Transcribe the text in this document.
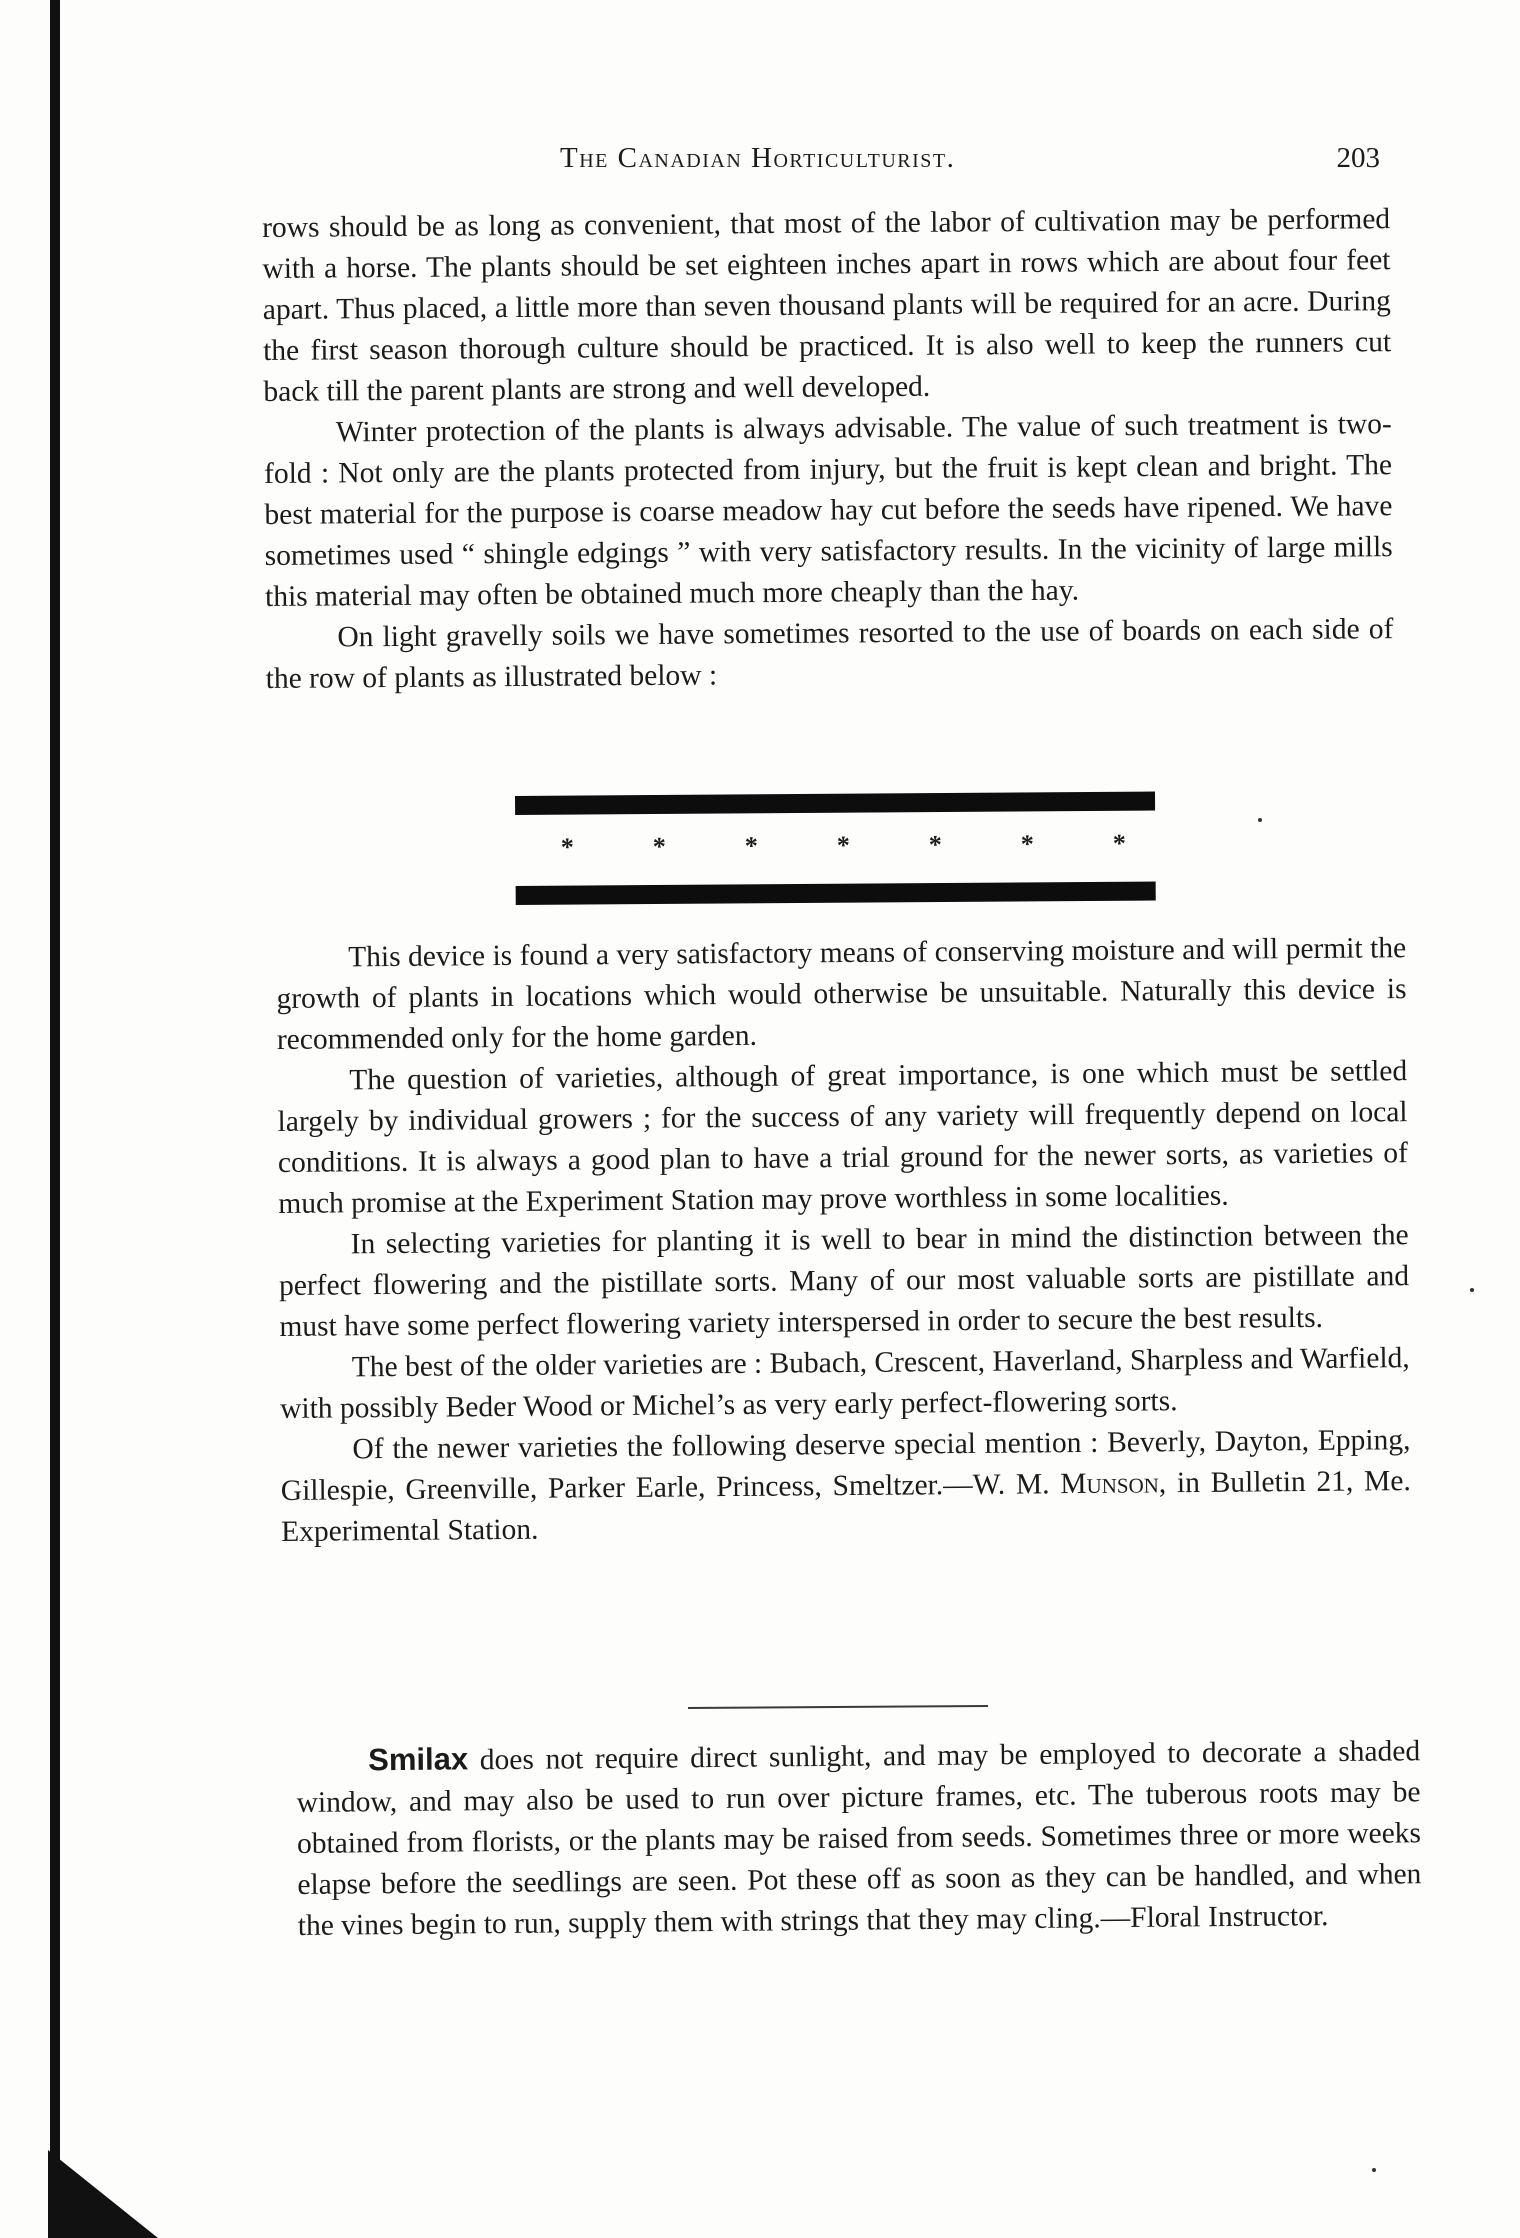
The Canadian Horticulturist.	203

rows should be as long as convenient, that most of the labor of cultivation may be performed with a horse. The plants should be set eighteen inches apart in rows which are about four feet apart. Thus placed, a little more than seven thousand plants will be required for an acre. During the first season thorough culture should be practiced. It is also well to keep the runners cut back till the parent plants are strong and well developed.

Winter protection of the plants is always advisable. The value of such treatment is two-fold : Not only are the plants protected from injury, but the fruit is kept clean and bright. The best material for the purpose is coarse meadow hay cut before the seeds have ripened. We have sometimes used “ shingle edgings ” with very satisfactory results. In the vicinity of large mills this material may often be obtained much more cheaply than the hay.

On light gravelly soils we have sometimes resorted to the use of boards on each side of the row of plants as illustrated below :

*	*	*	*	*	*	*

This device is found a very satisfactory means of conserving moisture and will permit the growth of plants in locations which would otherwise be unsuitable. Naturally this device is recommended only for the home garden.

The question of varieties, although of great importance, is one which must be settled largely by individual growers ; for the success of any variety will frequently depend on local conditions. It is always a good plan to have a trial ground for the newer sorts, as varieties of much promise at the Experiment Station may prove worthless in some localities.

In selecting varieties for planting it is well to bear in mind the distinction between the perfect flowering and the pistillate sorts. Many of our most valuable sorts are pistillate and must have some perfect flowering variety interspersed in order to secure the best results.

The best of the older varieties are : Bubach, Crescent, Haverland, Sharpless and Warfield, with possibly Beder Wood or Michel’s as very early perfect-flowering sorts.

Of the newer varieties the following deserve special mention : Beverly, Dayton, Epping, Gillespie, Greenville, Parker Earle, Princess, Smeltzer.—W. M. Munson, in Bulletin 21, Me. Experimental Station.

Smilax does not require direct sunlight, and may be employed to decorate a shaded window, and may also be used to run over picture frames, etc. The tuberous roots may be obtained from florists, or the plants may be raised from seeds. Sometimes three or more weeks elapse before the seedlings are seen. Pot these off as soon as they can be handled, and when the vines begin to run, supply them with strings that they may cling.—Floral Instructor.
